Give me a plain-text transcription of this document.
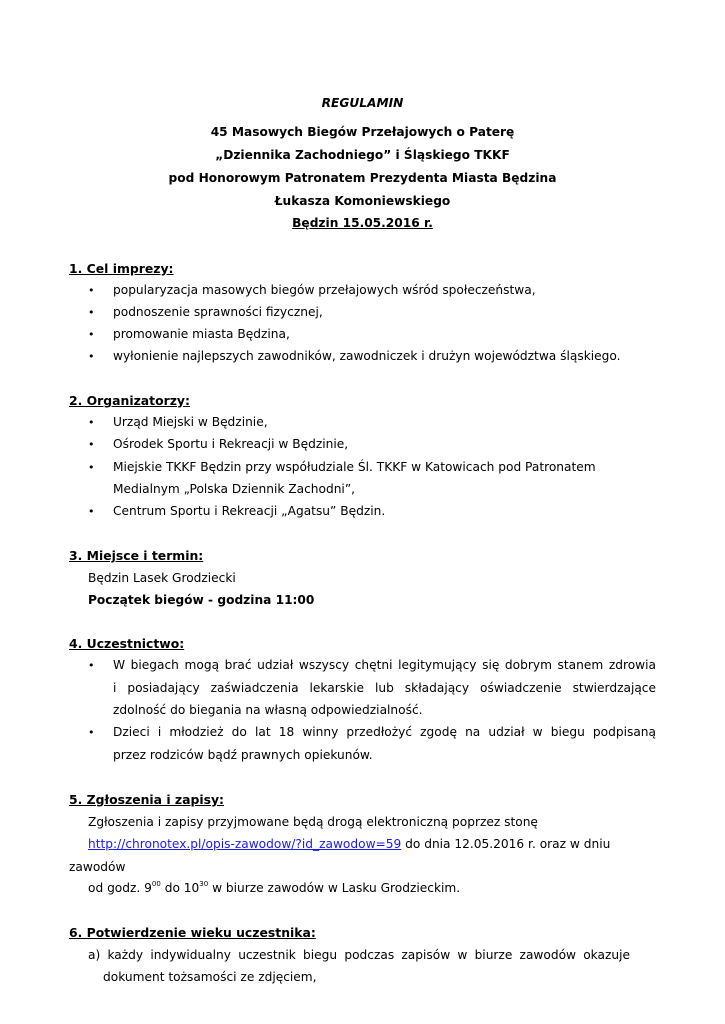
REGULAMIN
45 Masowych Biegów Przełajowych o Paterę
„Dziennika Zachodniego” i Śląskiego TKKF
pod Honorowym Patronatem Prezydenta Miasta Będzina
Łukasza Komoniewskiego
Będzin 15.05.2016 r.
1. Cel imprezy:
• popularyzacja masowych biegów przełajowych wśród społeczeństwa,
• podnoszenie sprawności fizycznej,
• promowanie miasta Będzina,
• wyłonienie najlepszych zawodników, zawodniczek i drużyn województwa śląskiego.
2. Organizatorzy:
• Urząd Miejski w Będzinie,
• Ośrodek Sportu i Rekreacji w Będzinie,
• Miejskie TKKF Będzin przy współudziale Śl. TKKF w Katowicach pod Patronatem
Medialnym „Polska Dziennik Zachodni”,
• Centrum Sportu i Rekreacji „Agatsu” Będzin.
3. Miejsce i termin:
Będzin Lasek Grodziecki
Początek biegów - godzina 11:00
4. Uczestnictwo:
• W biegach mogą brać udział wszyscy chętni legitymujący się dobrym stanem zdrowia
i posiadający zaświadczenia lekarskie lub składający oświadczenie stwierdzające
zdolność do biegania na własną odpowiedzialność.
• Dzieci i młodzież do lat 18 winny przedłożyć zgodę na udział w biegu podpisaną
przez rodziców bądź prawnych opiekunów.
5. Zgłoszenia i zapisy:
Zgłoszenia i zapisy przyjmowane będą drogą elektroniczną poprzez stonę
http://chronotex.pl/opis-zawodow/?id_zawodow=59 do dnia 12.05.2016 r. oraz w dniu
zawodów
od godz. $9^{00}$ do $10^{30}$ w biurze zawodów w Lasku Grodzieckim.
6. Potwierdzenie wieku uczestnika:
a) każdy indywidualny uczestnik biegu podczas zapisów w biurze zawodów okazuje
dokument tożsamości ze zdjęciem,
